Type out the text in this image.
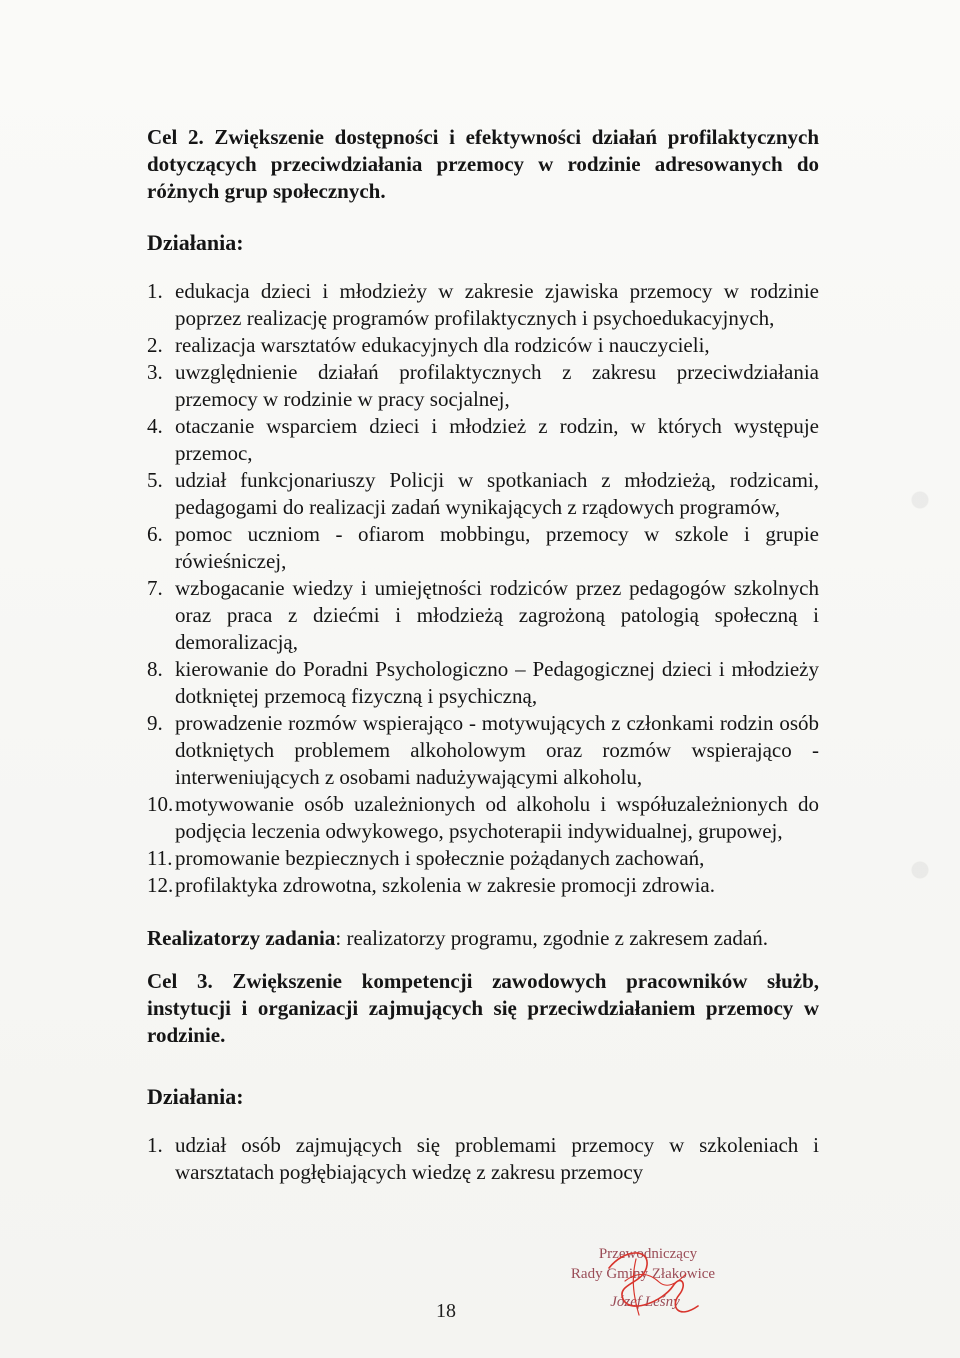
Cel 2. Zwiększenie dostępności i efektywności działań profilaktycznych dotyczących przeciwdziałania przemocy w rodzinie adresowanych do różnych grup społecznych.

Działania:

1. edukacja dzieci i młodzieży w zakresie zjawiska przemocy w rodzinie poprzez realizację programów profilaktycznych i psychoedukacyjnych,
2. realizacja warsztatów edukacyjnych dla rodziców i nauczycieli,
3. uwzględnienie działań profilaktycznych z zakresu przeciwdziałania przemocy w rodzinie w pracy socjalnej,
4. otaczanie wsparciem dzieci i młodzież z rodzin, w których występuje przemoc,
5. udział funkcjonariuszy Policji w spotkaniach z młodzieżą, rodzicami, pedagogami do realizacji zadań wynikających z rządowych programów,
6. pomoc uczniom - ofiarom mobbingu, przemocy w szkole i grupie rówieśniczej,
7. wzbogacanie wiedzy i umiejętności rodziców przez pedagogów szkolnych oraz praca z dziećmi i młodzieżą zagrożoną patologią społeczną i demoralizacją,
8. kierowanie do Poradni Psychologiczno – Pedagogicznej dzieci i młodzieży dotkniętej przemocą fizyczną i psychiczną,
9. prowadzenie rozmów wspierająco - motywujących z członkami rodzin osób dotkniętych problemem alkoholowym oraz rozmów wspierająco - interweniujących z osobami nadużywającymi alkoholu,
10. motywowanie osób uzależnionych od alkoholu i współuzależnionych do podjęcia leczenia odwykowego, psychoterapii indywidualnej, grupowej,
11. promowanie bezpiecznych i społecznie pożądanych zachowań,
12. profilaktyka zdrowotna, szkolenia w zakresie promocji zdrowia.

Realizatorzy zadania: realizatorzy programu, zgodnie z zakresem zadań.

Cel 3. Zwiększenie kompetencji zawodowych pracowników służb, instytucji i organizacji zajmujących się przeciwdziałaniem przemocy w rodzinie.

Działania:

1. udział osób zajmujących się problemami przemocy w szkoleniach i warsztatach pogłębiających wiedzę z zakresu przemocy
18
Przewodniczący
Rady Gminy Złakowice
Józef Leśny
